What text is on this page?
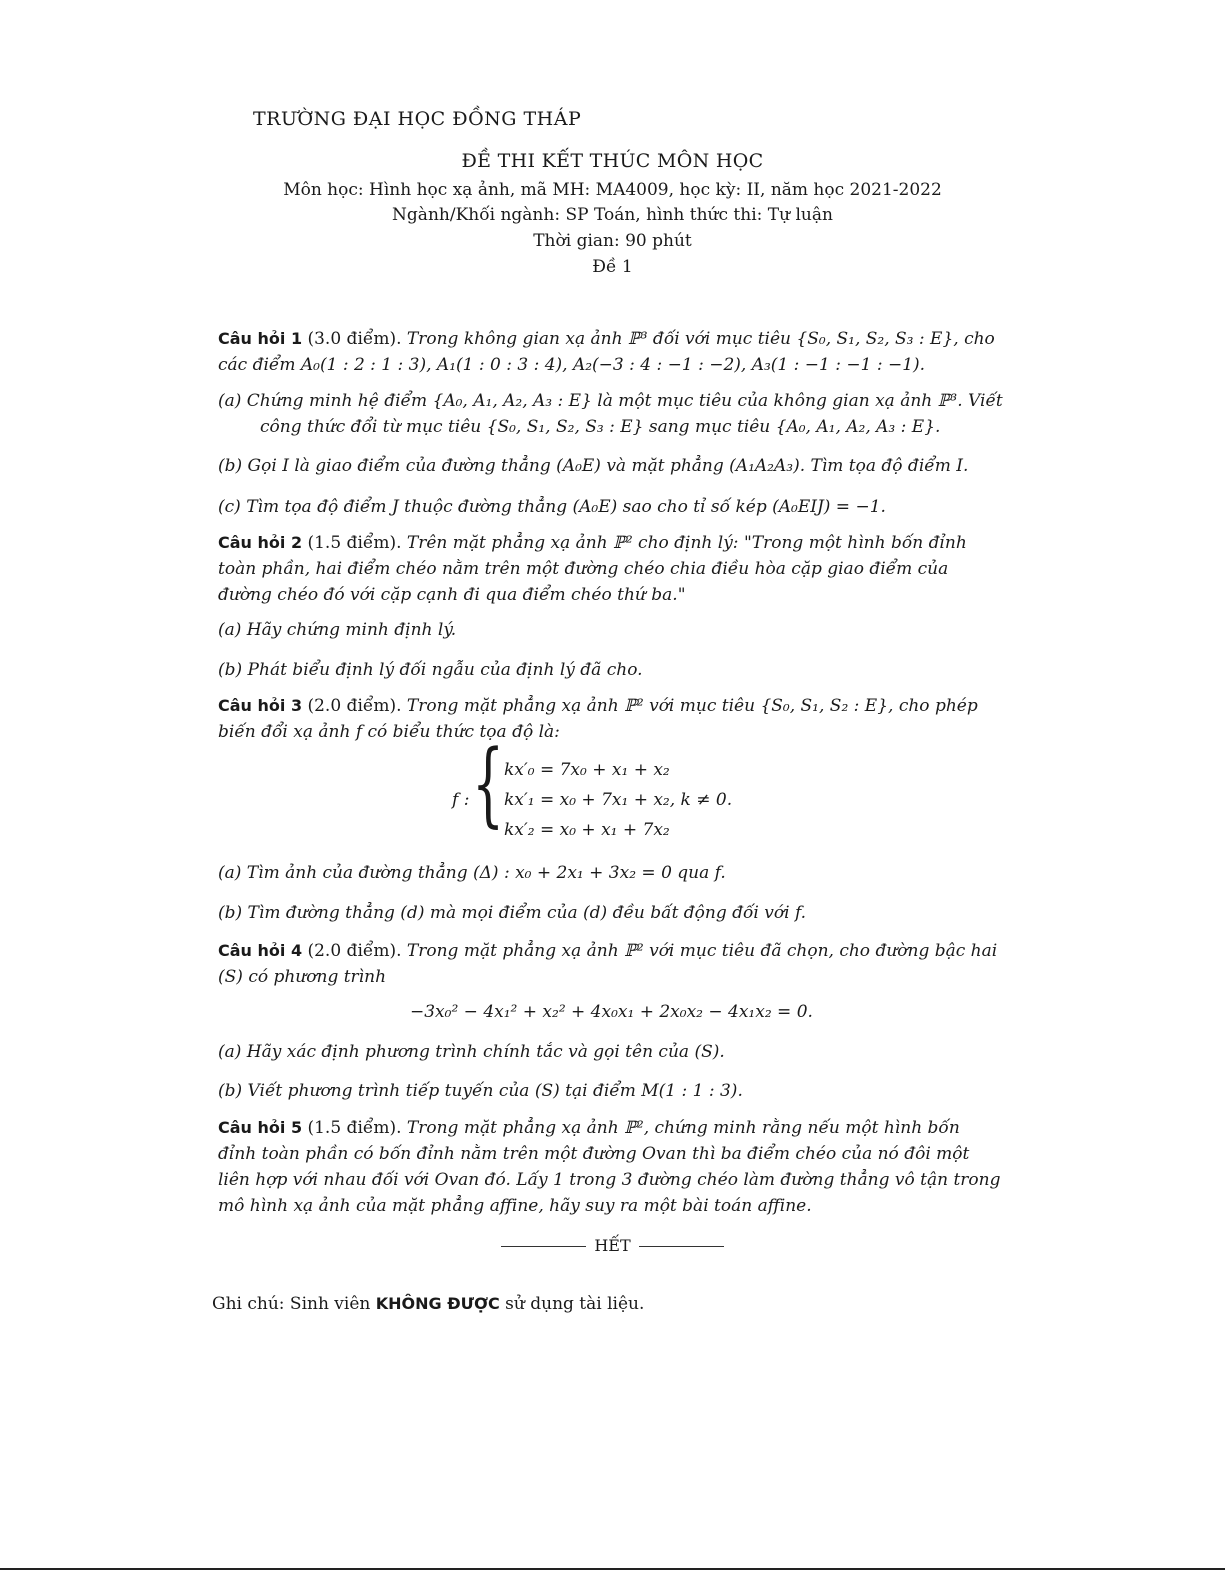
TRƯỜNG ĐẠI HỌC ĐỒNG THÁP
ĐỀ THI KẾT THÚC MÔN HỌC
Môn học: Hình học xạ ảnh, mã MH: MA4009, học kỳ: II, năm học 2021-2022
Ngành/Khối ngành: SP Toán, hình thức thi: Tự luận
Thời gian: 90 phút
Đề 1
Câu hỏi 1 (3.0 điểm). Trong không gian xạ ảnh ℙ³ đối với mục tiêu {S₀, S₁, S₂, S₃ : E}, cho các điểm A₀(1 : 2 : 1 : 3), A₁(1 : 0 : 3 : 4), A₂(−3 : 4 : −1 : −2), A₃(1 : −1 : −1 : −1).
(a) Chứng minh hệ điểm {A₀, A₁, A₂, A₃ : E} là một mục tiêu của không gian xạ ảnh ℙ³. Viết công thức đổi từ mục tiêu {S₀, S₁, S₂, S₃ : E} sang mục tiêu {A₀, A₁, A₂, A₃ : E}.
(b) Gọi I là giao điểm của đường thẳng (A₀E) và mặt phẳng (A₁A₂A₃). Tìm tọa độ điểm I.
(c) Tìm tọa độ điểm J thuộc đường thẳng (A₀E) sao cho tỉ số kép (A₀EIJ) = −1.
Câu hỏi 2 (1.5 điểm). Trên mặt phẳng xạ ảnh ℙ² cho định lý: "Trong một hình bốn đỉnh toàn phần, hai điểm chéo nằm trên một đường chéo chia điều hòa cặp giao điểm của đường chéo đó với cặp cạnh đi qua điểm chéo thứ ba."
(a) Hãy chứng minh định lý.
(b) Phát biểu định lý đối ngẫu của định lý đã cho.
Câu hỏi 3 (2.0 điểm). Trong mặt phẳng xạ ảnh ℙ² với mục tiêu {S₀, S₁, S₂ : E}, cho phép biến đổi xạ ảnh f có biểu thức tọa độ là:
f : { kx′₀ = 7x₀ + x₁ + x₂
kx′₁ = x₀ + 7x₁ + x₂, k ≠ 0.
kx′₂ = x₀ + x₁ + 7x₂
(a) Tìm ảnh của đường thẳng (Δ) : x₀ + 2x₁ + 3x₂ = 0 qua f.
(b) Tìm đường thẳng (d) mà mọi điểm của (d) đều bất động đối với f.
Câu hỏi 4 (2.0 điểm). Trong mặt phẳng xạ ảnh ℙ² với mục tiêu đã chọn, cho đường bậc hai (S) có phương trình
−3x₀² − 4x₁² + x₂² + 4x₀x₁ + 2x₀x₂ − 4x₁x₂ = 0.
(a) Hãy xác định phương trình chính tắc và gọi tên của (S).
(b) Viết phương trình tiếp tuyến của (S) tại điểm M(1 : 1 : 3).
Câu hỏi 5 (1.5 điểm). Trong mặt phẳng xạ ảnh ℙ², chứng minh rằng nếu một hình bốn đỉnh toàn phần có bốn đỉnh nằm trên một đường Ovan thì ba điểm chéo của nó đôi một liên hợp với nhau đối với Ovan đó. Lấy 1 trong 3 đường chéo làm đường thẳng vô tận trong mô hình xạ ảnh của mặt phẳng affine, hãy suy ra một bài toán affine.
HẾT
Ghi chú: Sinh viên KHÔNG ĐƯỢC sử dụng tài liệu.
